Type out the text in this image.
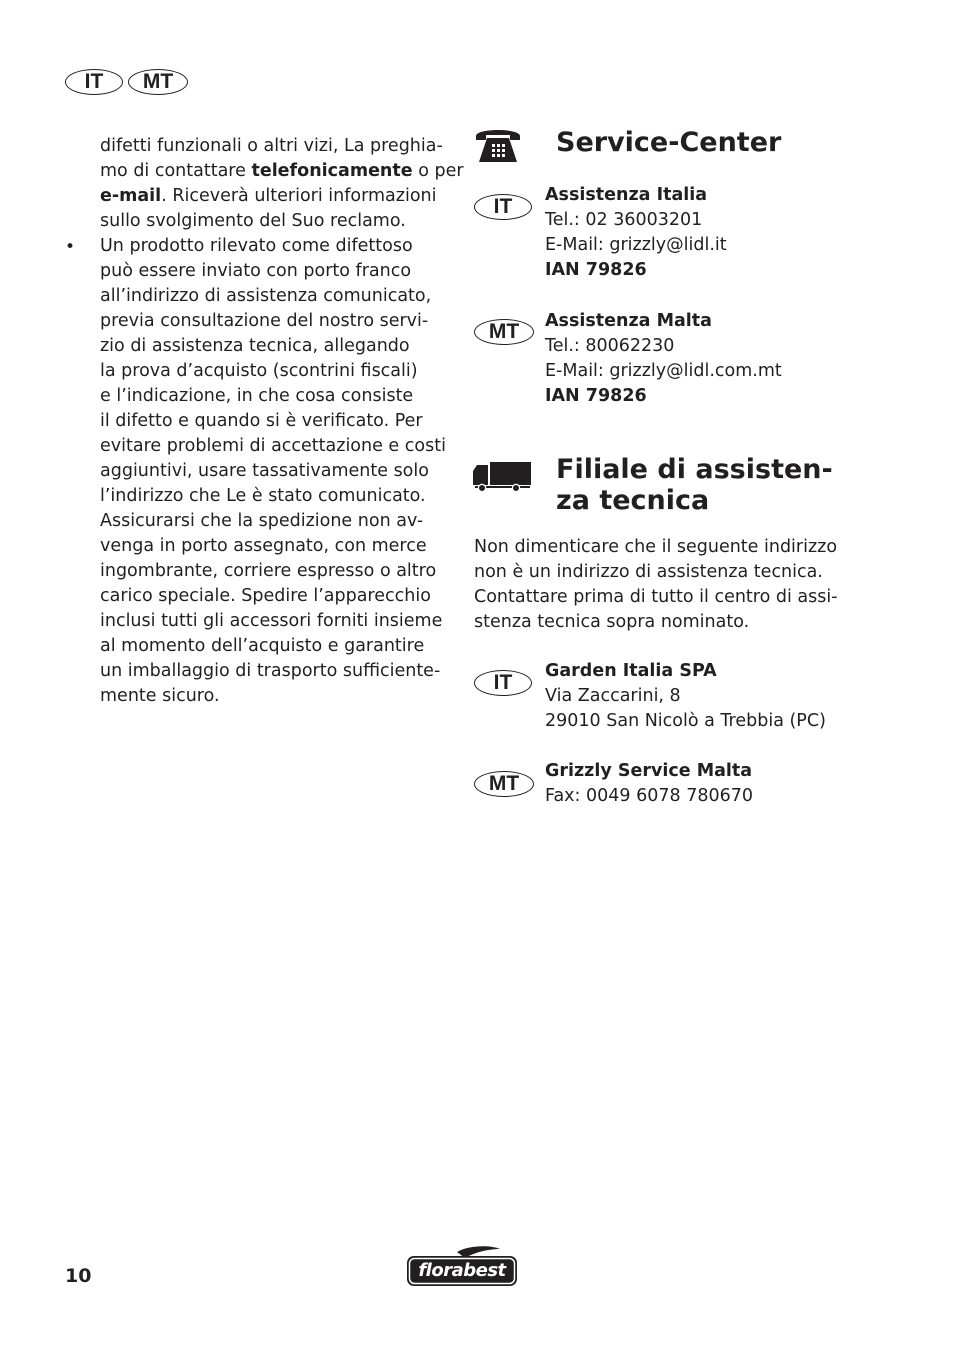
IT	MT
difetti funzionali o altri vizi, La preghia-
mo di contattare telefonicamente o per
e-mail. Riceverà ulteriori informazioni
sullo svolgimento del Suo reclamo.
• Un prodotto rilevato come difettoso
può essere inviato con porto franco
all’indirizzo di assistenza comunicato,
previa consultazione del nostro servi-
zio di assistenza tecnica, allegando
la prova d’acquisto (scontrini fiscali)
e l’indicazione, in che cosa consiste
il difetto e quando si è verificato. Per
evitare problemi di accettazione e costi
aggiuntivi, usare tassativamente solo
l’indirizzo che Le è stato comunicato.
Assicurarsi che la spedizione non av-
venga in porto assegnato, con merce
ingombrante, corriere espresso o altro
carico speciale. Spedire l’apparecchio
inclusi tutti gli accessori forniti insieme
al momento dell’acquisto e garantire
un imballaggio di trasporto sufficiente-
mente sicuro.
Service-Center
IT	Assistenza Italia
Tel.: 02 36003201
E-Mail: grizzly@lidl.it
IAN 79826
MT	Assistenza Malta
Tel.: 80062230
E-Mail: grizzly@lidl.com.mt
IAN 79826
Filiale di assisten-
za tecnica
Non dimenticare che il seguente indirizzo
non è un indirizzo di assistenza tecnica.
Contattare prima di tutto il centro di assi-
stenza tecnica sopra nominato.
IT	Garden Italia SPA
Via Zaccarini, 8
29010 San Nicolò a Trebbia (PC)
MT
Grizzly Service Malta
Fax: 0049 6078 780670
10	florabest
